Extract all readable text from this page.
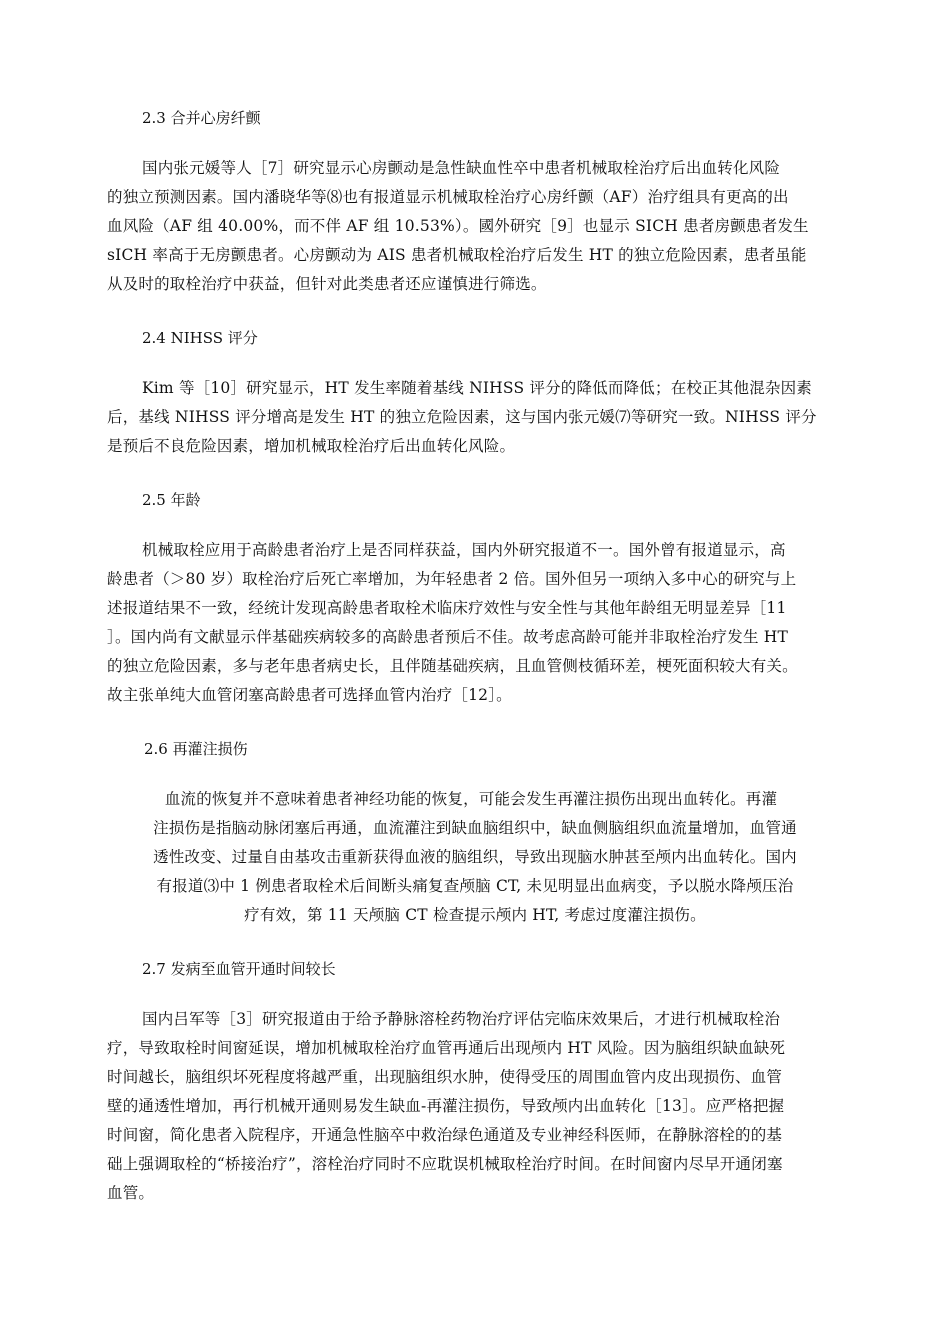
2.3 合并心房纤颤
国内张元媛等人［7］研究显示心房颤动是急性缺血性卒中患者机械取栓治疗后出血转化风险
的独立预测因素。国内潘晓华等⑻也有报道显示机械取栓治疗心房纤颤（AF）治疗组具有更高的出
血风险（AF 组 40.00%，而不伴 AF 组 10.53%）。國外研究［9］也显示 SICH 患者房颤患者发生
sICH 率高于无房颤患者。心房颤动为 AIS 患者机械取栓治疗后发生 HT 的独立危险因素，患者虽能
从及时的取栓治疗中获益，但针对此类患者还应谨慎进行筛选。
2.4 NIHSS 评分
Kim 等［10］研究显示，HT 发生率随着基线 NIHSS 评分的降低而降低；在校正其他混杂因素
后，基线 NIHSS 评分增高是发生 HT 的独立危险因素，这与国内张元媛⑺等研究一致。NIHSS 评分
是预后不良危险因素，增加机械取栓治疗后出血转化风险。
2.5 年龄
机械取栓应用于高龄患者治疗上是否同样获益，国内外研究报道不一。国外曾有报道显示，高
龄患者（＞80 岁）取栓治疗后死亡率增加，为年轻患者 2 倍。国外但另一项纳入多中心的研究与上
述报道结果不一致，经统计发现高龄患者取栓术临床疗效性与安全性与其他年龄组无明显差异［11
］。国内尚有文献显示伴基础疾病较多的高龄患者预后不佳。故考虑高龄可能并非取栓治疗发生 HT
的独立危险因素，多与老年患者病史长，且伴随基础疾病，且血管侧枝循环差，梗死面积较大有关。
故主张单纯大血管闭塞高龄患者可选择血管内治疗［12］。
2.6 再灌注损伤
血流的恢复并不意味着患者神经功能的恢复，可能会发生再灌注损伤出现出血转化。再灌
注损伤是指脑动脉闭塞后再通，血流灌注到缺血脑组织中，缺血侧脑组织血流量增加，血管通
透性改变、过量自由基攻击重新获得血液的脑组织，导致出现脑水肿甚至颅内出血转化。国内
有报道⑶中 1 例患者取栓术后间断头痛复查颅脑 CT, 未见明显出血病变，予以脱水降颅压治
疗有效，第 11 天颅脑 CT 检查提示颅内 HT, 考虑过度灌注损伤。
2.7 发病至血管开通时间较长
国内吕军等［3］研究报道由于给予静脉溶栓药物治疗评估完临床效果后，才进行机械取栓治
疗，导致取栓时间窗延误，增加机械取栓治疗血管再通后出现颅内 HT 风险。因为脑组织缺血缺死
时间越长，脑组织坏死程度将越严重，出现脑组织水肿，使得受压的周围血管内皮出现损伤、血管
壁的通透性增加，再行机械开通则易发生缺血-再灌注损伤，导致颅内出血转化［13］。应严格把握
时间窗，简化患者入院程序，开通急性脑卒中救治绿色通道及专业神经科医师，在静脉溶栓的的基
础上强调取栓的“桥接治疗”，溶栓治疗同时不应耽误机械取栓治疗时间。在时间窗内尽早开通闭塞
血管。
